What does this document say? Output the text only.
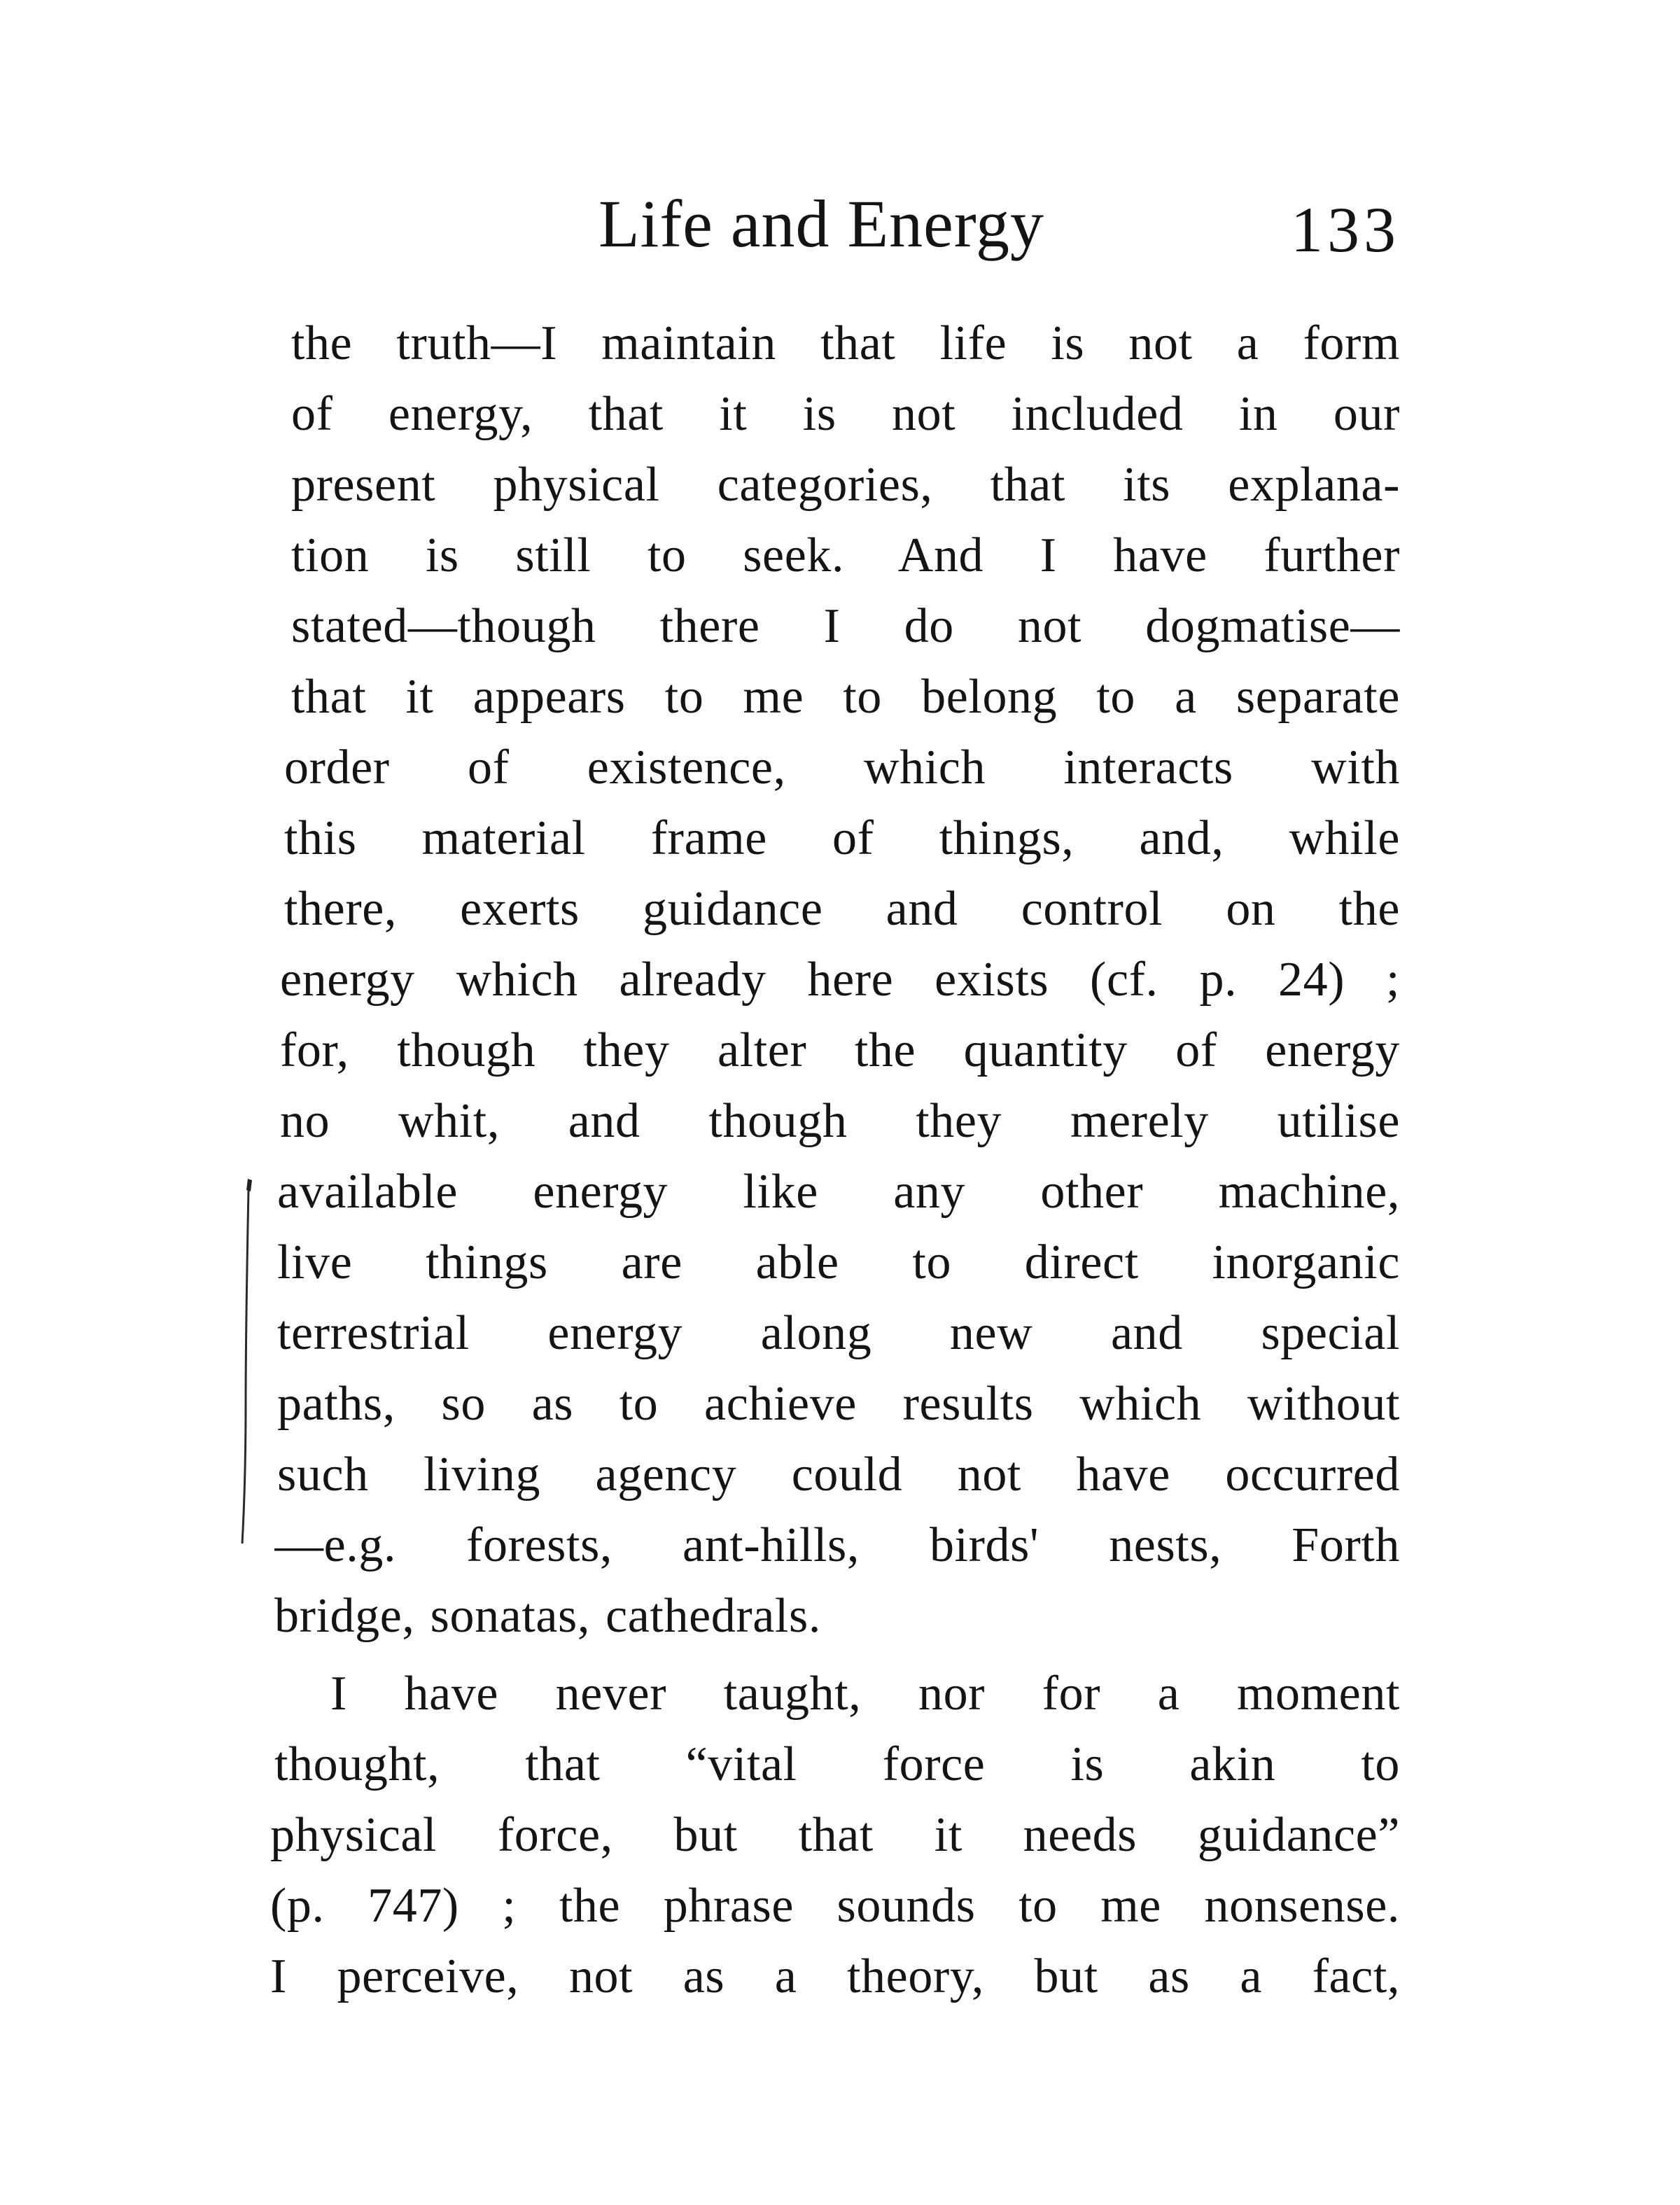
Life and Energy	133
the truth—I maintain that life is not a form
of energy, that it is not included in our
present physical categories, that its explana-
tion is still to seek. And I have further
stated—though there I do not dogmatise—
that it appears to me to belong to a separate
order of existence, which interacts with
this material frame of things, and, while
there, exerts guidance and control on the
energy which already here exists (cf. p. 24) ;
for, though they alter the quantity of energy
no whit, and though they merely utilise
available energy like any other machine,
live things are able to direct inorganic
terrestrial energy along new and special
paths, so as to achieve results which without
such living agency could not have occurred
—e.g. forests, ant-hills, birds' nests, Forth
bridge, sonatas, cathedrals.
I have never taught, nor for a moment
thought, that “vital force is akin to
physical force, but that it needs guidance”
(p. 747) ; the phrase sounds to me nonsense.
I perceive, not as a theory, but as a fact,
